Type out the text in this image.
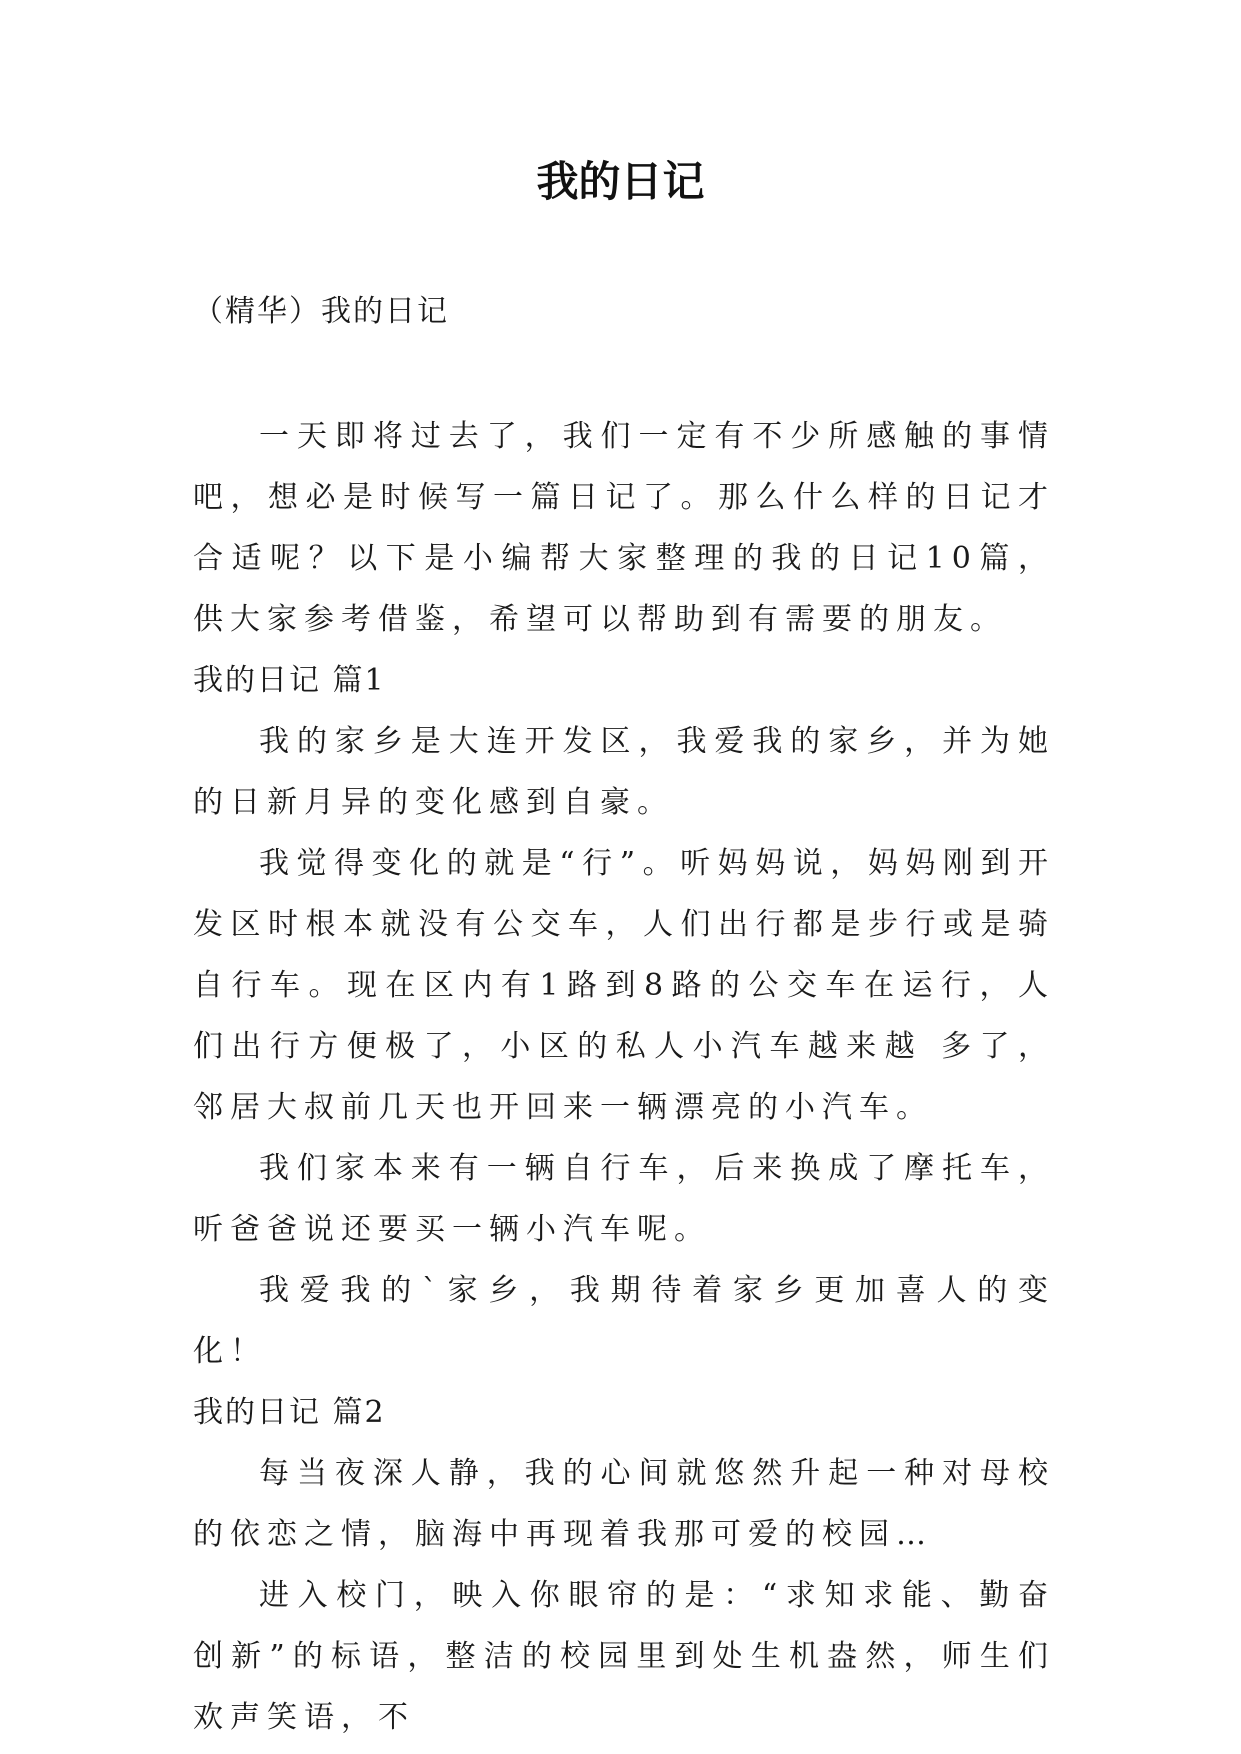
我的日记

（精华）我的日记

一天即将过去了，我们一定有不少所感触的事情吧，想必是时候写一篇日记了。那么什么样的日记才合适呢？以下是小编帮大家整理的我的日记10篇，供大家参考借鉴，希望可以帮助到有需要的朋友。

我的日记 篇1

我的家乡是大连开发区，我爱我的家乡，并为她的日新月异的变化感到自豪。

我觉得变化的就是“行”。听妈妈说，妈妈刚到开发区时根本就没有公交车，人们出行都是步行或是骑自行车。现在区内有1路到8路的公交车在运行，人们出行方便极了，小区的私人小汽车越来越 多了，邻居大叔前几天也开回来一辆漂亮的小汽车。

我们家本来有一辆自行车，后来换成了摩托车，听爸爸说还要买一辆小汽车呢。

我爱我的`家乡，我期待着家乡更加喜人的变化！

我的日记 篇2

每当夜深人静，我的心间就悠然升起一种对母校的依恋之情，脑海中再现着我那可爱的校园…

进入校门，映入你眼帘的是：“求知求能、勤奋创新”的标语，整洁的校园里到处生机盎然，师生们欢声笑语，不
